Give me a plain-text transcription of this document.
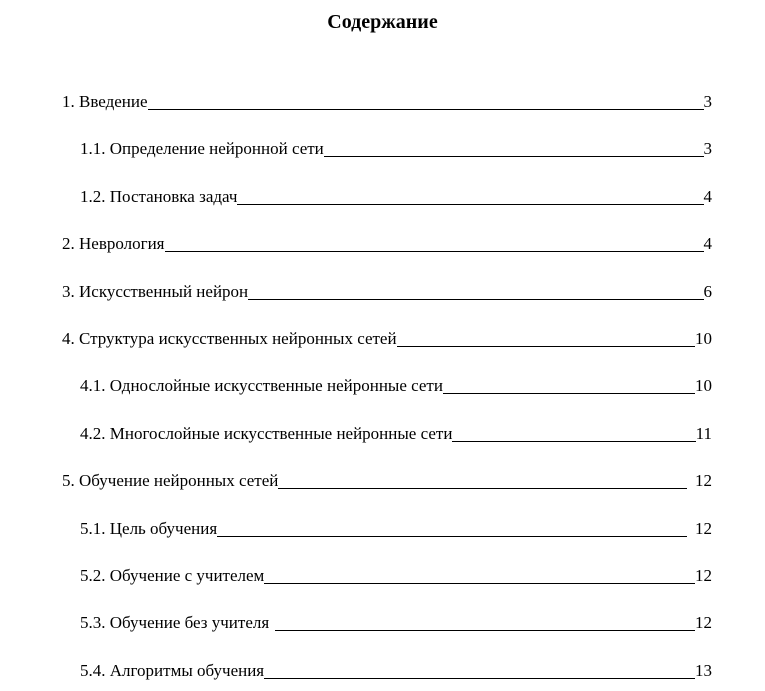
Содержание
1. Введение	3
1.1. Определение нейронной сети	3
1.2. Постановка задач	4
2. Неврология	4
3. Искусственный нейрон	6
4. Структура искусственных нейронных сетей	10
4.1. Однослойные искусственные нейронные сети	10
4.2. Многослойные искусственные нейронные сети	11
5. Обучение нейронных сетей	12
5.1. Цель обучения	12
5.2. Обучение с учителем	12
5.3. Обучение без учителя	12
5.4. Алгоритмы обучения	13
